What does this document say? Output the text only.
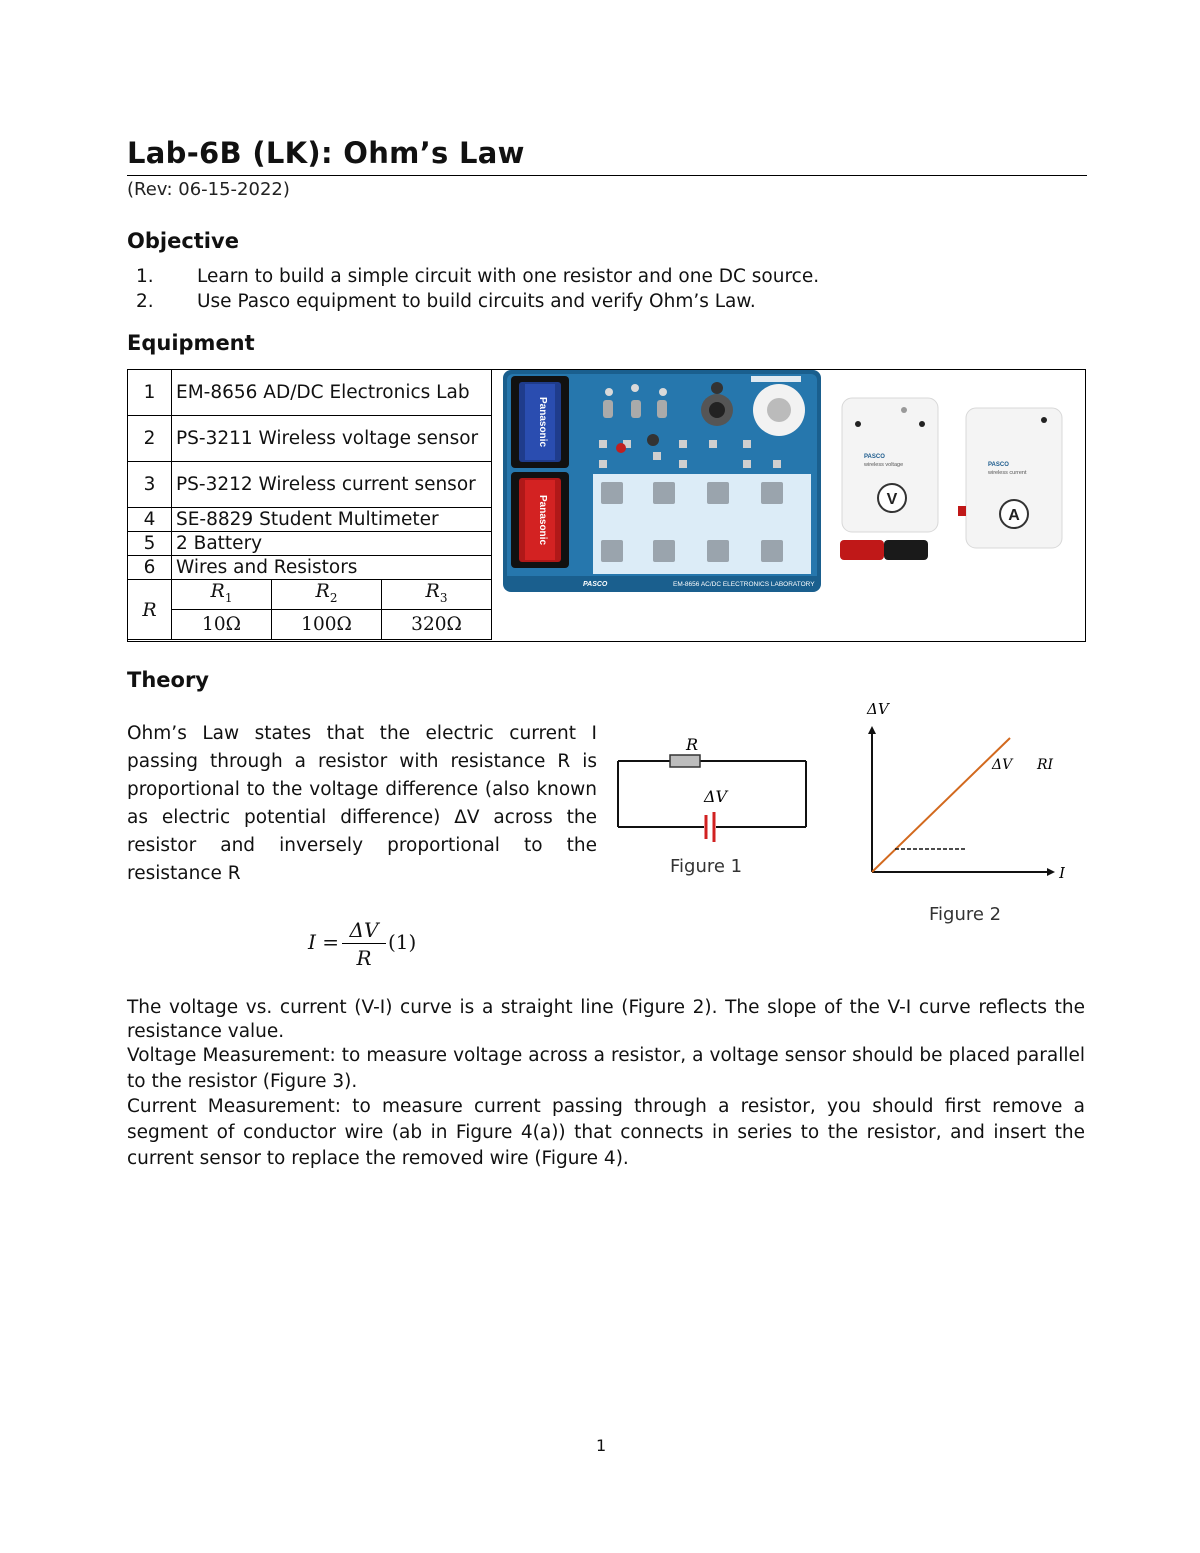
Lab-6B (LK): Ohm’s Law
(Rev: 06-15-2022)
Objective
1. Learn to build a simple circuit with one resistor and one DC source.
2. Use Pasco equipment to build circuits and verify Ohm’s Law.
Equipment
1	EM-8656 AD/DC Electronics Lab		
2	PS-3211 Wireless voltage sensor		
3	PS-3212 Wireless current sensor		
4	SE-8829 Student Multimeter		
5	2 Battery		
6	Wires and Resistors		
R	$R_1$	$R_2$	$R_3$
	10Ω	100Ω	320Ω
Panasonic
Panasonic
PASCO	EM-8656 AC/DC ELECTRONICS LABORATORY
PASCO
wireless voltage
V
PASCO
wireless current
A
Theory
Ohm’s Law states that the electric current I passing through a resistor with resistance R is proportional to the voltage difference (also known as electric potential difference) ΔV across the resistor and inversely proportional to the resistance R
I = ΔV
R
(1)
R
ΔV
Figure 1
ΔV
I
ΔV RI
Figure 2
The voltage vs. current (V-I) curve is a straight line (Figure 2). The slope of the V-I curve reflects the resistance value.
Voltage Measurement: to measure voltage across a resistor, a voltage sensor should be placed parallel to the resistor (Figure 3).
Current Measurement: to measure current passing through a resistor, you should first remove a segment of conductor wire (ab in Figure 4(a)) that connects in series to the resistor, and insert the current sensor to replace the removed wire (Figure 4).
1
